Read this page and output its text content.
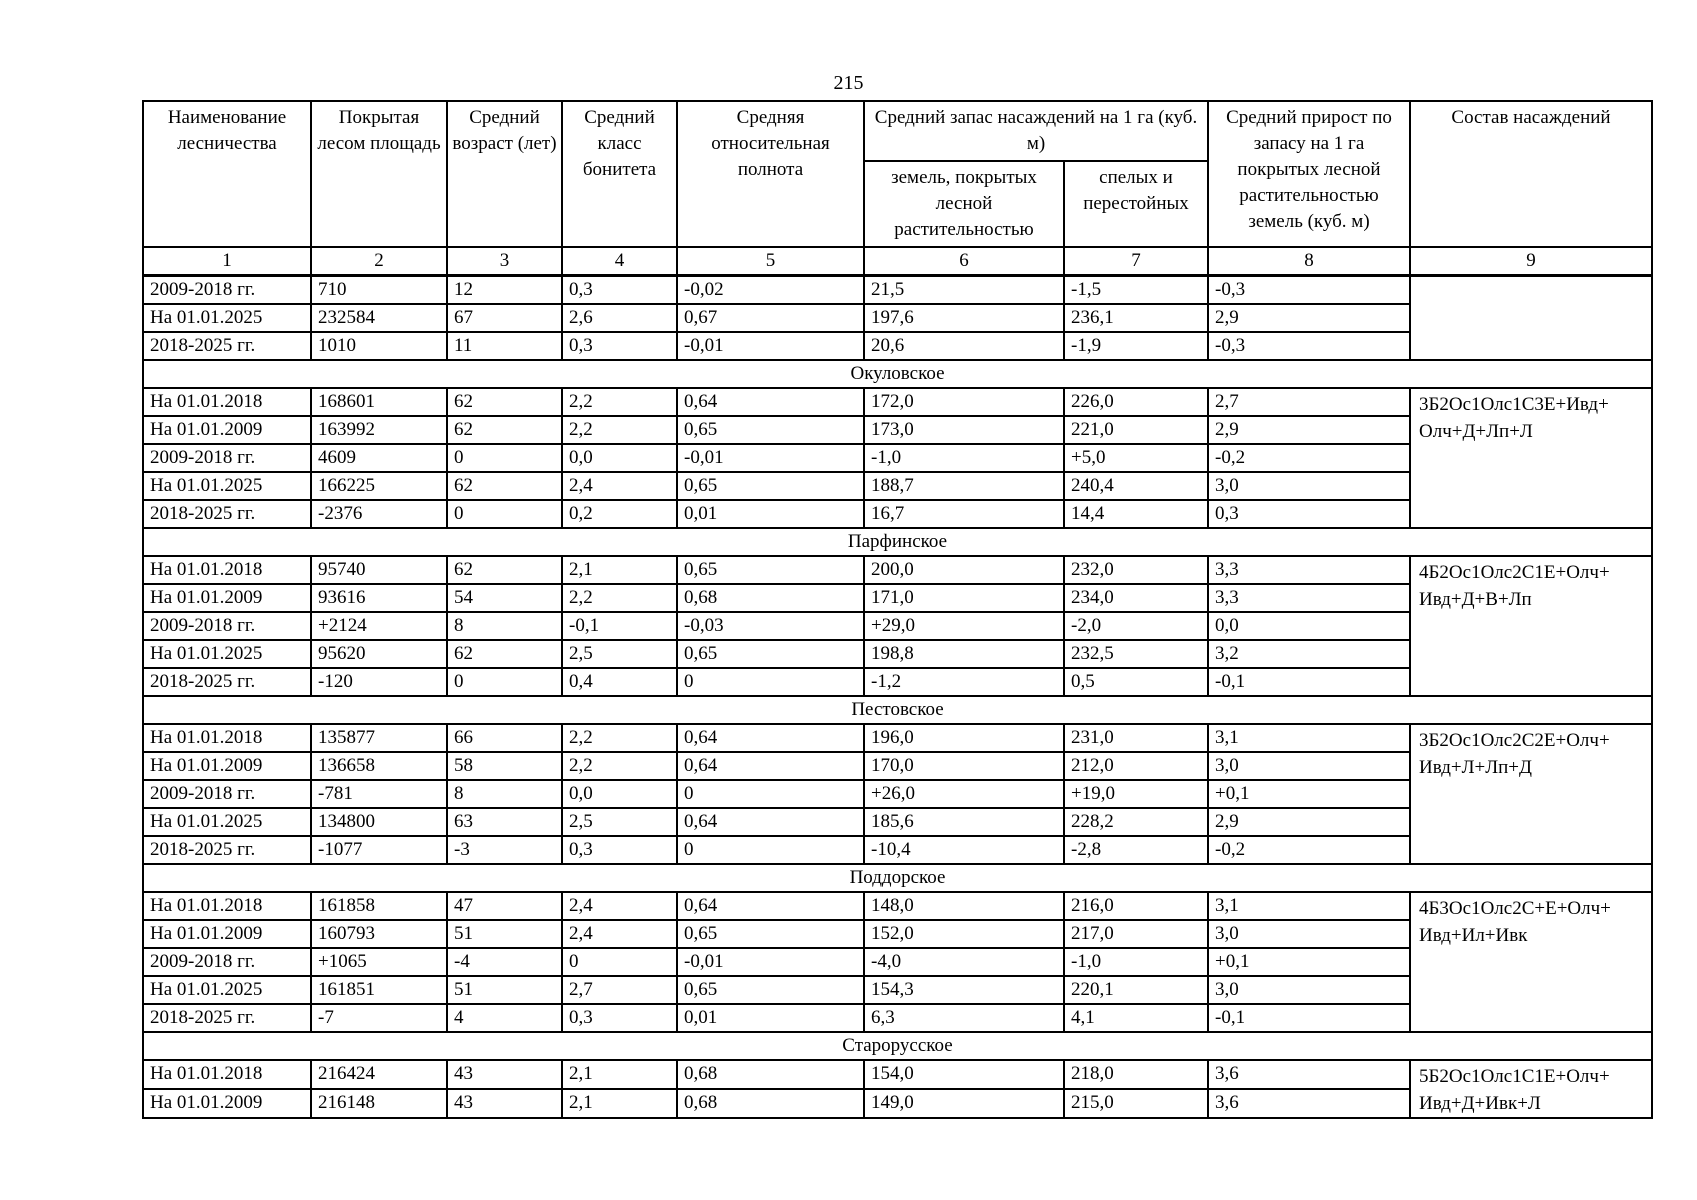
215
Наименование лесничества	Покрытая лесом площадь	Средний возраст (лет)	Средний класс бонитета	Средняя относительная полнота	Средний запас насаждений на 1 га (куб. м)		Средний прирост по запасу на 1 га покрытых лесной растительностью земель (куб. м)	Состав насаждений
					земель, покрытых лесной растительностью	спелых и перестойных		
1	2	3	4	5	6	7	8	9
2009-2018 гг.	710	12	0,3	-0,02	21,5	-1,5	-0,3	
На 01.01.2025	232584	67	2,6	0,67	197,6	236,1	2,9	
2018-2025 гг.	1010	11	0,3	-0,01	20,6	-1,9	-0,3	
Окуловское								
На 01.01.2018	168601	62	2,2	0,64	172,0	226,0	2,7	3Б2Ос1Олс1С3Е+Ивд+ Олч+Д+Лп+Л
На 01.01.2009	163992	62	2,2	0,65	173,0	221,0	2,9	
2009-2018 гг.	4609	0	0,0	-0,01	-1,0	+5,0	-0,2	
На 01.01.2025	166225	62	2,4	0,65	188,7	240,4	3,0	
2018-2025 гг.	-2376	0	0,2	0,01	16,7	14,4	0,3	
Парфинское								
На 01.01.2018	95740	62	2,1	0,65	200,0	232,0	3,3	4Б2Ос1Олс2С1Е+Олч+ Ивд+Д+В+Лп
На 01.01.2009	93616	54	2,2	0,68	171,0	234,0	3,3	
2009-2018 гг.	+2124	8	-0,1	-0,03	+29,0	-2,0	0,0	
На 01.01.2025	95620	62	2,5	0,65	198,8	232,5	3,2	
2018-2025 гг.	-120	0	0,4	0	-1,2	0,5	-0,1	
Пестовское								
На 01.01.2018	135877	66	2,2	0,64	196,0	231,0	3,1	3Б2Ос1Олс2С2Е+Олч+ Ивд+Л+Лп+Д
На 01.01.2009	136658	58	2,2	0,64	170,0	212,0	3,0	
2009-2018 гг.	-781	8	0,0	0	+26,0	+19,0	+0,1	
На 01.01.2025	134800	63	2,5	0,64	185,6	228,2	2,9	
2018-2025 гг.	-1077	-3	0,3	0	-10,4	-2,8	-0,2	
Поддорское								
На 01.01.2018	161858	47	2,4	0,64	148,0	216,0	3,1	4Б3Ос1Олс2С+Е+Олч+ Ивд+Ил+Ивк
На 01.01.2009	160793	51	2,4	0,65	152,0	217,0	3,0	
2009-2018 гг.	+1065	-4	0	-0,01	-4,0	-1,0	+0,1	
На 01.01.2025	161851	51	2,7	0,65	154,3	220,1	3,0	
2018-2025 гг.	-7	4	0,3	0,01	6,3	4,1	-0,1	
Старорусское								
На 01.01.2018	216424	43	2,1	0,68	154,0	218,0	3,6	5Б2Ос1Олс1С1Е+Олч+ Ивд+Д+Ивк+Л
На 01.01.2009	216148	43	2,1	0,68	149,0	215,0	3,6	
